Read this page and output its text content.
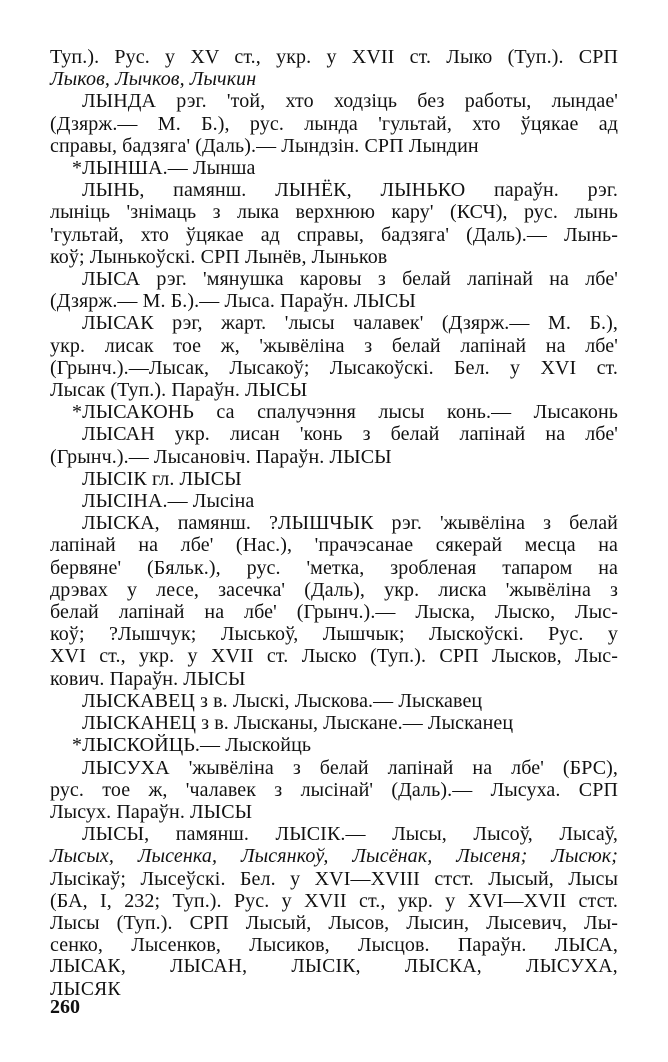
Туп.). Рус. у XV ст., укр. у XVII ст. Лыко (Туп.). СРП
Лыков, Лычков, Лычкин
ЛЫНДА рэг. 'той, хто ходзіць без работы, лындае'
(Дзярж.— М. Б.), рус. лында 'гультай, хто ўцякае ад
справы, бадзяга' (Даль).— Лындзін. СРП Лындин
*ЛЫНША.— Лынша
ЛЫНЬ, памянш. ЛЫНЁК, ЛЫНЬКО параўн. рэг.
лыніць 'знімаць з лыка верхнюю кару' (КСЧ), рус. лынь
'гультай, хто ўцякае ад справы, бадзяга' (Даль).— Лынь-
коў; Лынькоўскі. СРП Лынёв, Лыньков
ЛЫСА рэг. 'мянушка каровы з белай лапінай на лбе'
(Дзярж.— М. Б.).— Лыса. Параўн. ЛЫСЫ
ЛЫСАК рэг, жарт. 'лысы чалавек' (Дзярж.— М. Б.),
укр. лисак тое ж, 'жывёліна з белай лапінай на лбе'
(Грынч.).—Лысак, Лысакоў; Лысакоўскі. Бел. у XVI ст.
Лысак (Туп.). Параўн. ЛЫСЫ
*ЛЫСАКОНЬ са спалучэння лысы конь.— Лысаконь
ЛЫСАН укр. лисан 'конь з белай лапінай на лбе'
(Грынч.).— Лысановіч. Параўн. ЛЫСЫ
ЛЫСІК гл. ЛЫСЫ
ЛЫСІНА.— Лысіна
ЛЫСКА, памянш. ?ЛЫШЧЫК рэг. 'жывёліна з белай
лапінай на лбе' (Нас.), 'прачэсанае сякерай месца на
бервяне' (Бяльк.), рус. 'метка, зробленая тапаром на
дрэвах у лесе, засечка' (Даль), укр. лиска 'жывёліна з
белай лапінай на лбе' (Грынч.).— Лыска, Лыско, Лыс-
коў; ?Лышчук; Лыськоў, Лышчык; Лыскоўскі. Рус. у
XVI ст., укр. у XVII ст. Лыско (Туп.). СРП Лысков, Лыс-
кович. Параўн. ЛЫСЫ
ЛЫСКАВЕЦ з в. Лыскі, Лыскова.— Лыскавец
ЛЫСКАНЕЦ з в. Лысканы, Лыскане.— Лысканец
*ЛЫСКОЙЦЬ.— Лыскойць
ЛЫСУХА 'жывёліна з белай лапінай на лбе' (БРС),
рус. тое ж, 'чалавек з лысінай' (Даль).— Лысуха. СРП
Лысух. Параўн. ЛЫСЫ
ЛЫСЫ, памянш. ЛЫСІК.— Лысы, Лысоў, Лысаў,
Лысых, Лысенка, Лысянкоў, Лысёнак, Лысеня; Лысюк;
Лысікаў; Лысеўскі. Бел. у XVI—XVIII стст. Лысый, Лысы
(БА, I, 232; Туп.). Рус. у XVII ст., укр. у XVI—XVII стст.
Лысы (Туп.). СРП Лысый, Лысов, Лысин, Лысевич, Лы-
сенко, Лысенков, Лысиков, Лысцов. Параўн. ЛЫСА,
ЛЫСАК, ЛЫСАН, ЛЫСІК, ЛЫСКА, ЛЫСУХА,
ЛЫСЯК
260
